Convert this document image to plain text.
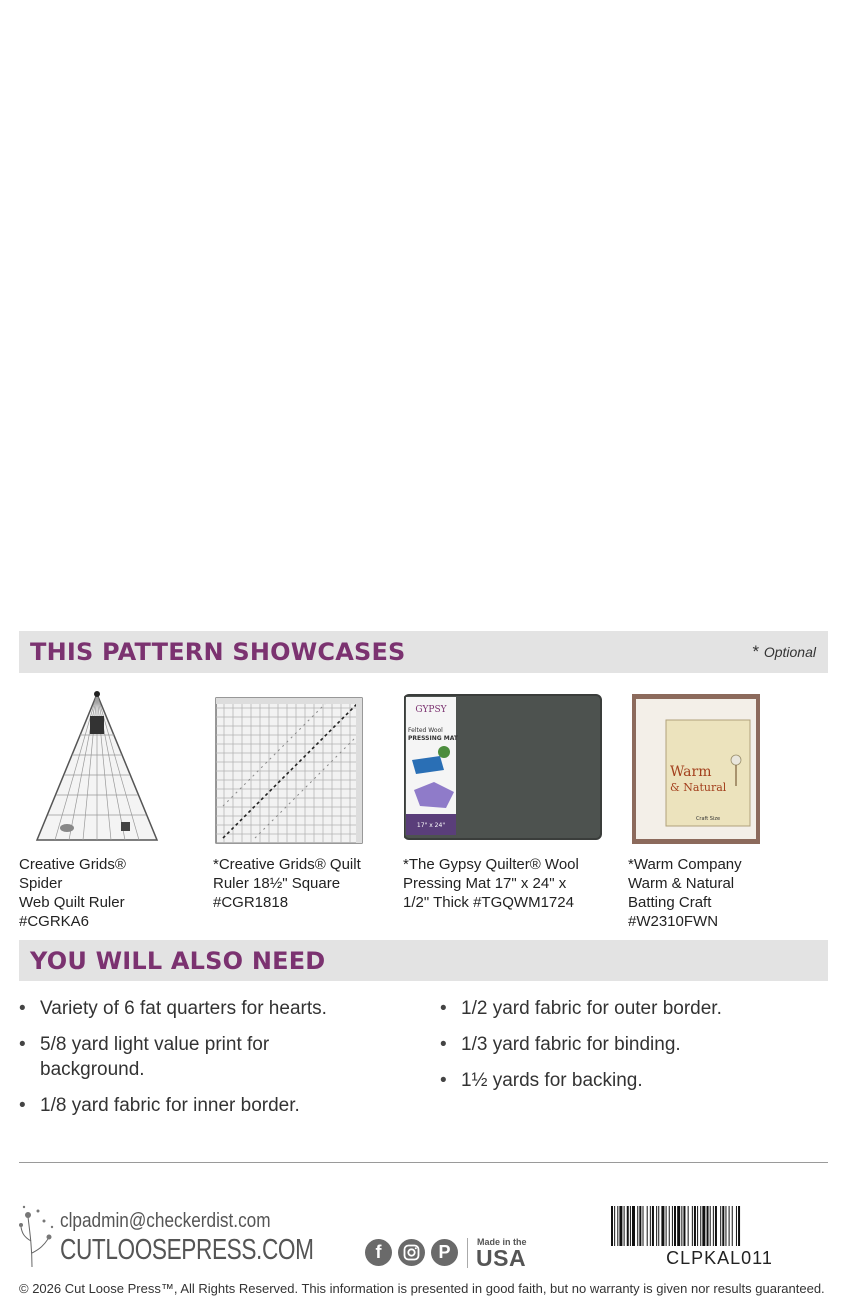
THIS PATTERN SHOWCASES	* Optional
Creative Grids® Spider
Web Quilt Ruler
#CGRKA6
*Creative Grids® Quilt
Ruler 18½" Square
#CGR1818
GYPSY
Felted Wool
PRESSING MAT
17" x 24"
*The Gypsy Quilter® Wool
Pressing Mat 17" x 24" x
1/2" Thick #TGQWM1724
Warm
& Natural
Craft Size
*Warm Company
Warm & Natural
Batting Craft
#W2310FWN
YOU WILL ALSO NEED
• Variety of 6 fat quarters for hearts.
• 5/8 yard light value print for background.
• 1/8 yard fabric for inner border.
• 1/2 yard fabric for outer border.
• 1/3 yard fabric for binding.
• 1½ yards for backing.
clpadmin@checkerdist.com
CUTLOOSEPRESS.COM	f	P	Made in the
USA	CLPKAL011
© 2026 Cut Loose Press™, All Rights Reserved. This information is presented in good faith, but no warranty is given nor results guaranteed.
